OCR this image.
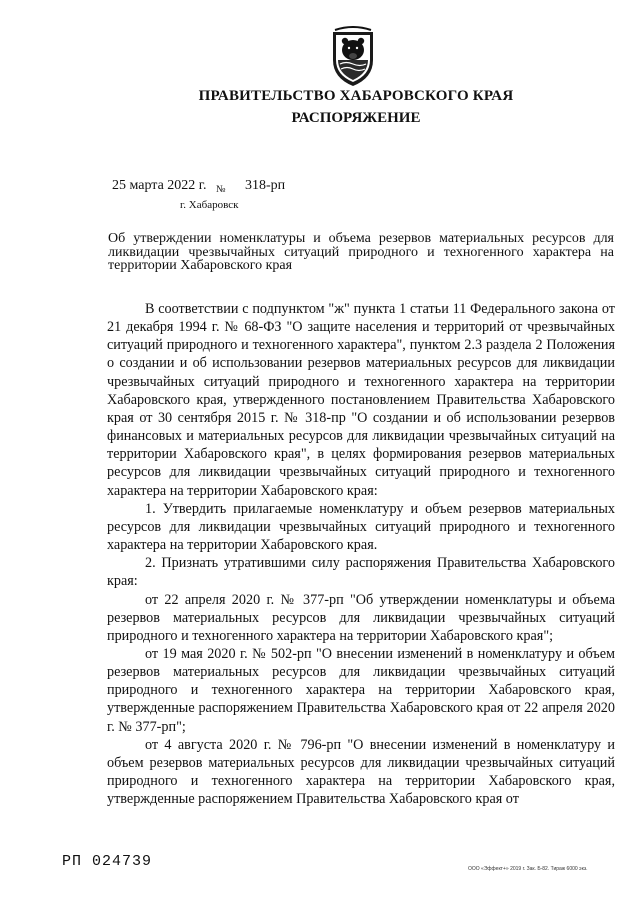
ПРАВИТЕЛЬСТВО ХАБАРОВСКОГО КРАЯ
РАСПОРЯЖЕНИЕ
25 марта 2022 г. $_№$ 318-рп
г. Хабаровск
Об утверждении номенклатуры и объема резервов материальных ресурсов для ликвидации чрезвычайных ситуаций природного и техногенного характера на территории Хабаровского края

В соответствии с подпунктом "ж" пункта 1 статьи 11 Федерального закона от 21 декабря 1994 г. № 68-ФЗ "О защите населения и территорий от чрезвычайных ситуаций природного и техногенного характера", пунктом 2.3 раздела 2 Положения о создании и об использовании резервов материальных ресурсов для ликвидации чрезвычайных ситуаций природного и техногенного характера на территории Хабаровского края, утвержденного постановлением Правительства Хабаровского края от 30 сентября 2015 г. № 318-пр "О создании и об использовании резервов финансовых и материальных ресурсов для ликвидации чрезвычайных ситуаций на территории Хабаровского края", в целях формирования резервов материальных ресурсов для ликвидации чрезвычайных ситуаций природного и техногенного характера на территории Хабаровского края:

1. Утвердить прилагаемые номенклатуру и объем резервов материальных ресурсов для ликвидации чрезвычайных ситуаций природного и техногенного характера на территории Хабаровского края.

2. Признать утратившими силу распоряжения Правительства Хабаровского края:

от 22 апреля 2020 г. № 377-рп "Об утверждении номенклатуры и объема резервов материальных ресурсов для ликвидации чрезвычайных ситуаций природного и техногенного характера на территории Хабаровского края";

от 19 мая 2020 г. № 502-рп "О внесении изменений в номенклатуру и объем резервов материальных ресурсов для ликвидации чрезвычайных ситуаций природного и техногенного характера на территории Хабаровского края, утвержденные распоряжением Правительства Хабаровского края от 22 апреля 2020 г. № 377-рп";

от 4 августа 2020 г. № 796-рп "О внесении изменений в номенклатуру и объем резервов материальных ресурсов для ликвидации чрезвычайных ситуаций природного и техногенного характера на территории Хабаровского края, утвержденные распоряжением Правительства Хабаровского края от

РП 024739	ООО «Эффект+» 2019 г. Зак. Б-82. Тираж 6000 экз.
